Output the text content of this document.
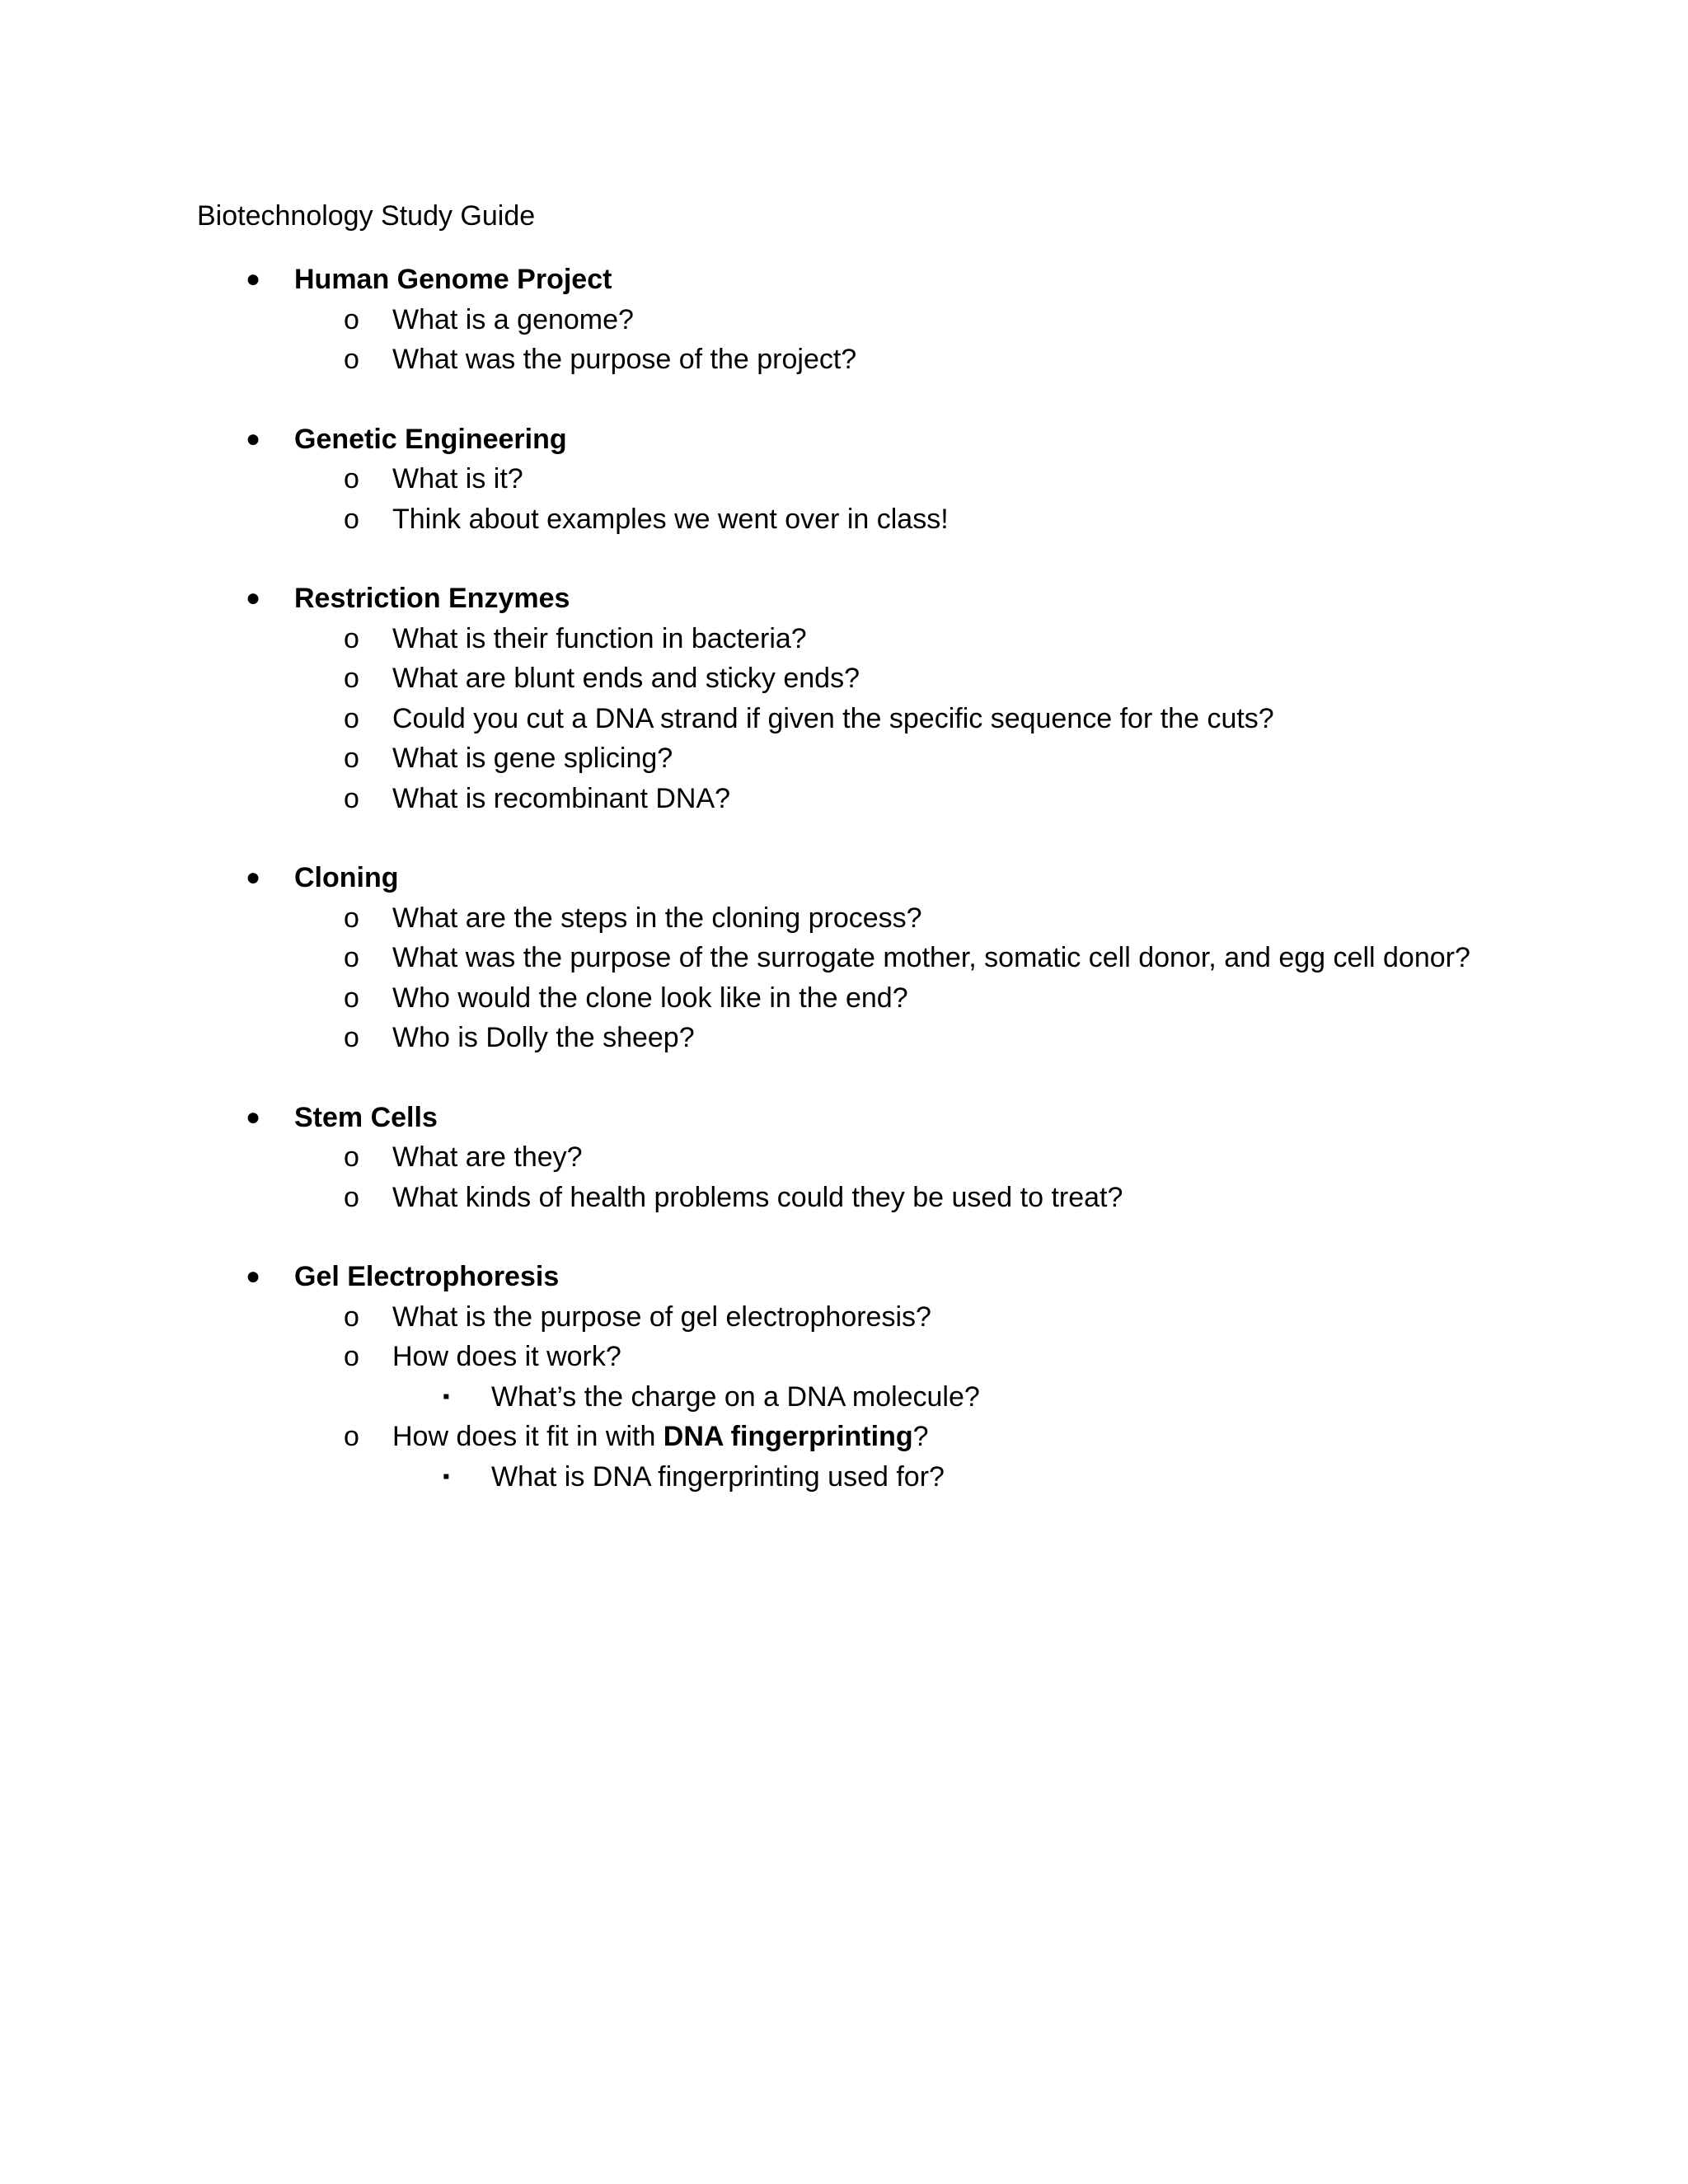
Biotechnology Study Guide
● Human Genome Project
o What is a genome?
o What was the purpose of the project?
● Genetic Engineering
o What is it?
o Think about examples we went over in class!
● Restriction Enzymes
o What is their function in bacteria?
o What are blunt ends and sticky ends?
o Could you cut a DNA strand if given the specific sequence for the cuts?
o What is gene splicing?
o What is recombinant DNA?
● Cloning
o What are the steps in the cloning process?
o What was the purpose of the surrogate mother, somatic cell donor, and egg cell donor?
o Who would the clone look like in the end?
o Who is Dolly the sheep?
● Stem Cells
o What are they?
o What kinds of health problems could they be used to treat?
● Gel Electrophoresis
o What is the purpose of gel electrophoresis?
o How does it work?
▪ What’s the charge on a DNA molecule?
o How does it fit in with DNA fingerprinting?
▪ What is DNA fingerprinting used for?
